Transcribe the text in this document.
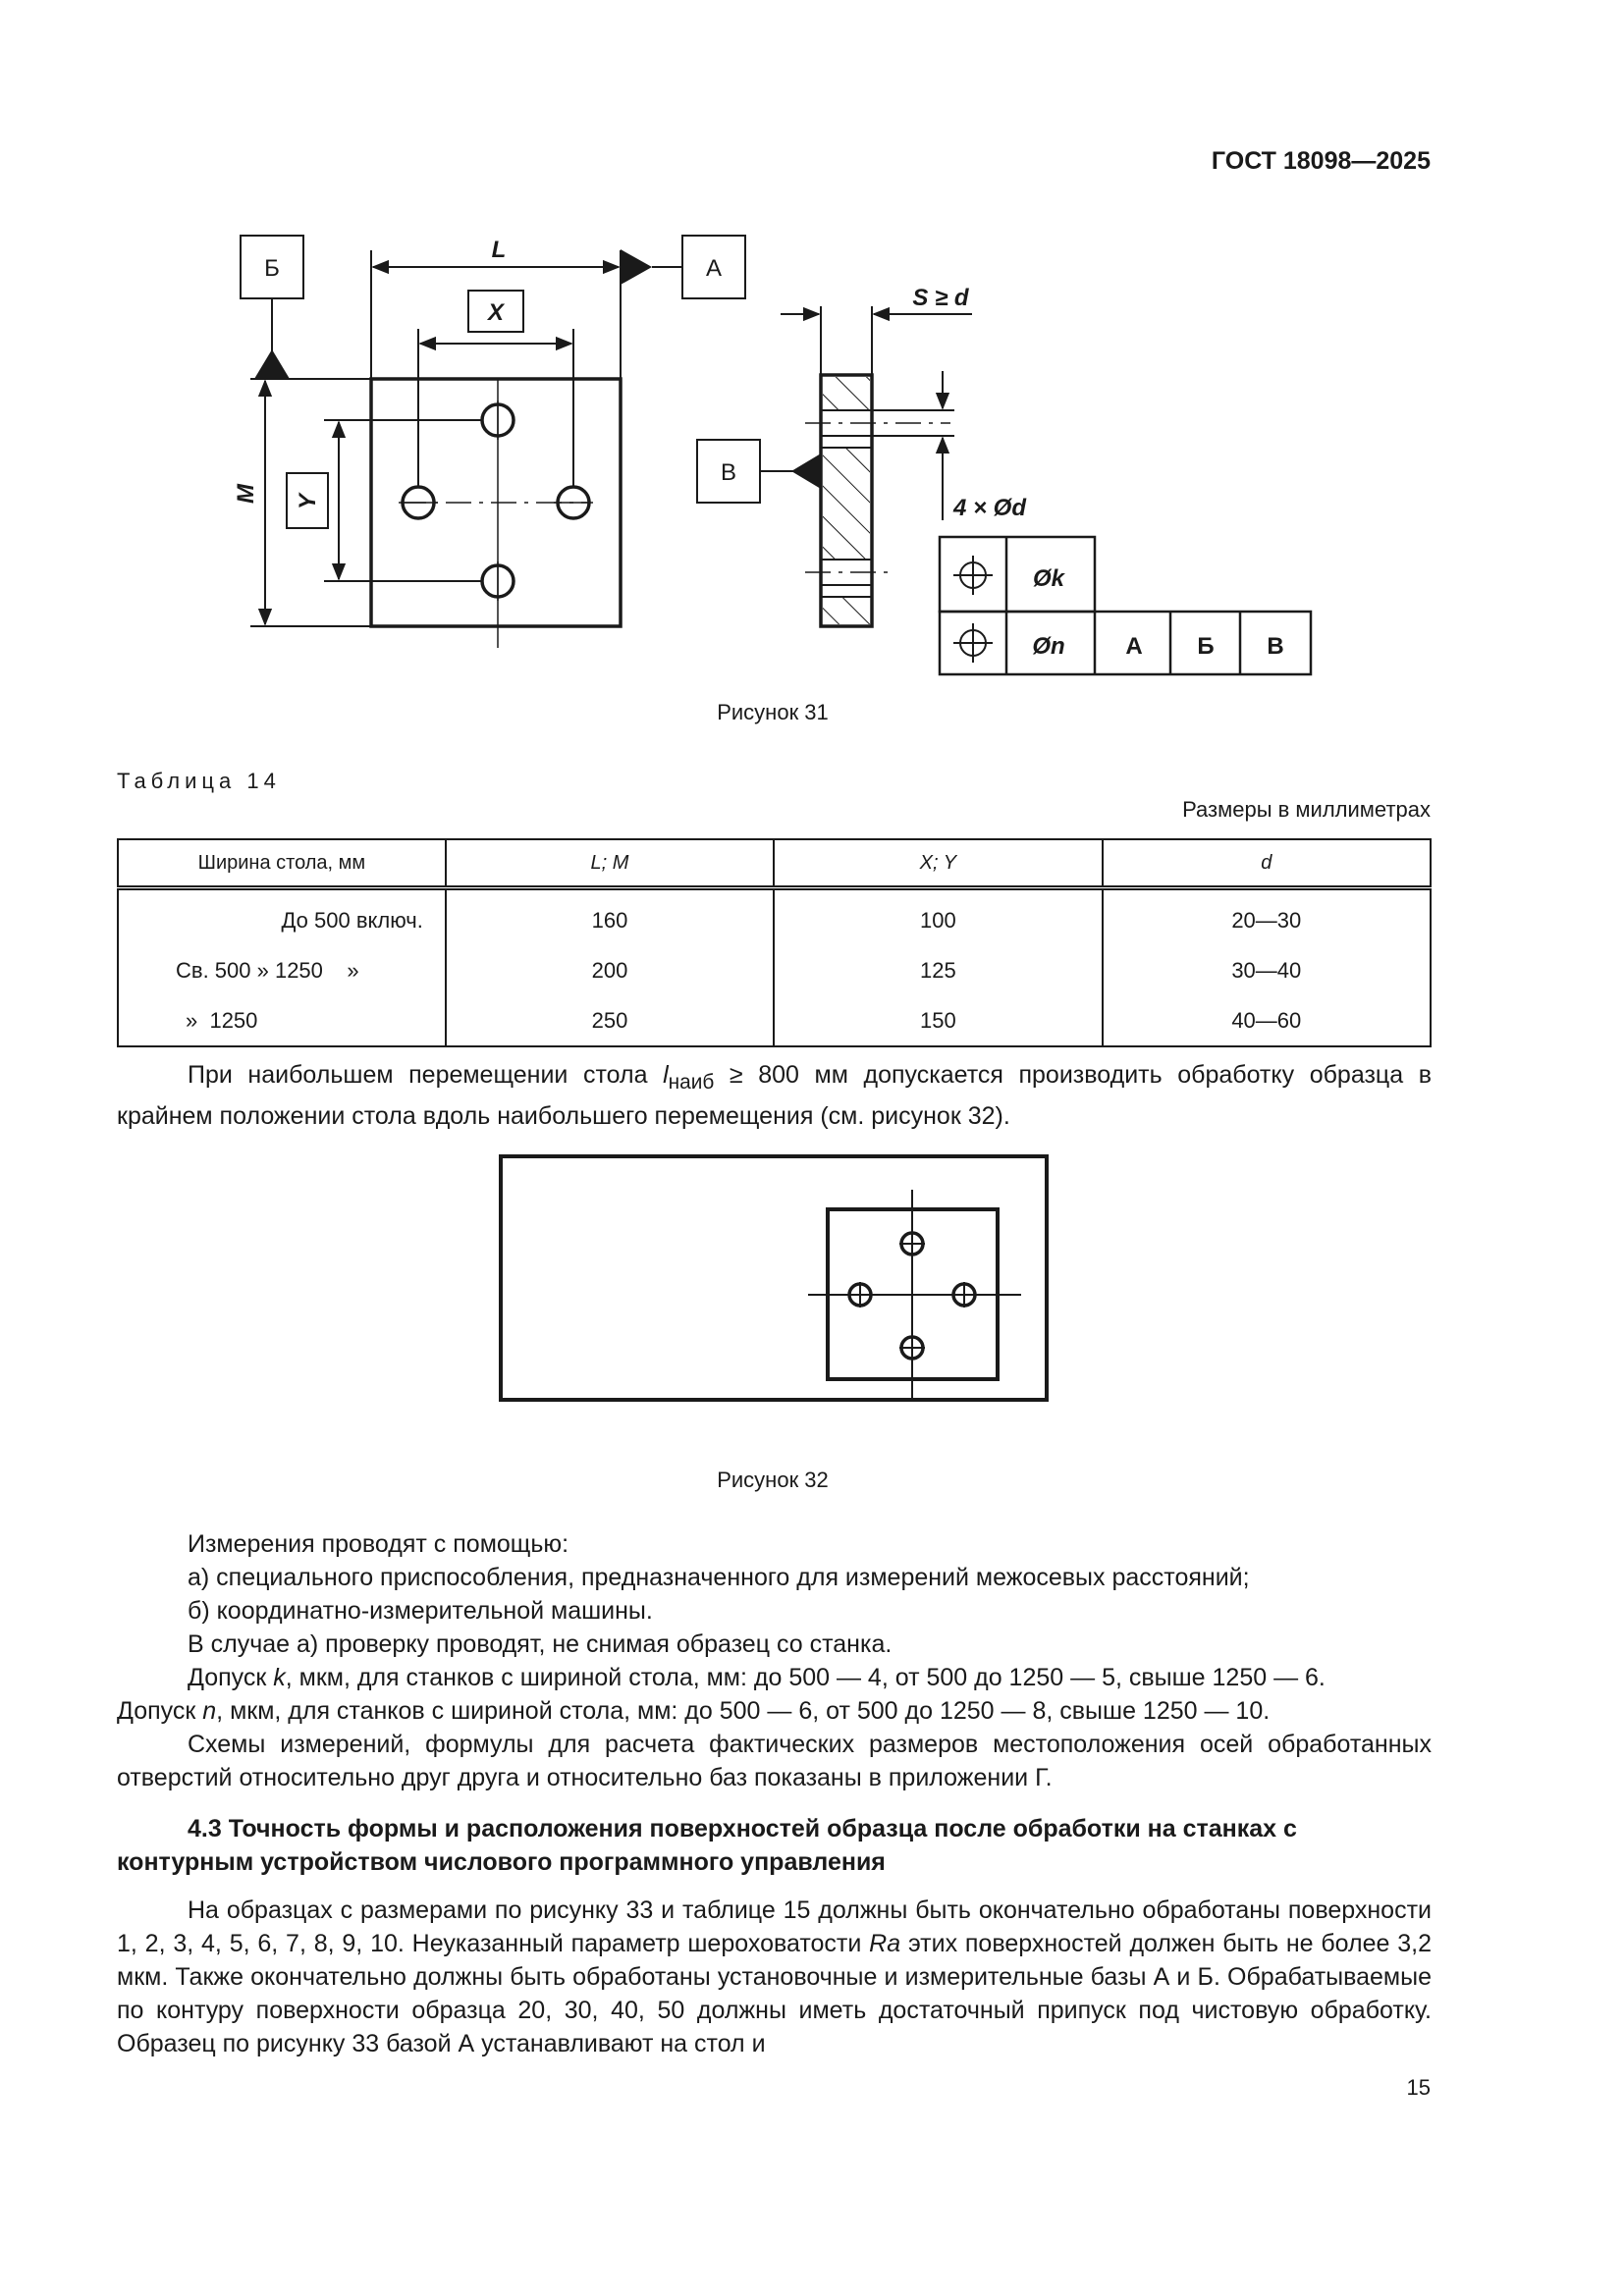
ГОСТ 18098—2025
Б	А
В
L
X
M Y
S ≥ d
4 × Ød
Øk
Øn	А Б В
Рисунок 31
Таблица 14
Размеры в миллиметрах
Ширина стола, мм	L; M	X; Y	d
До 500 включ.	160	100	20—30
Св. 500 » 1250    »	200	125	30—40
»  1250	250	150	40—60

При наибольшем перемещении стола $l_{наиб} \ge 800$ мм допускается производить обработку образца в крайнем положении стола вдоль наибольшего перемещения (см. рисунок 32).

Рисунок 32

Измерения проводят с помощью:

а) специального приспособления, предназначенного для измерений межосевых расстояний;

б) координатно-измерительной машины.

В случае а) проверку проводят, не снимая образец со станка.

Допуск k, мкм, для станков с шириной стола, мм: до 500 — 4, от 500 до 1250 — 5, свыше 1250 — 6.

Допуск n, мкм, для станков с шириной стола, мм: до 500 — 6, от 500 до 1250 — 8, свыше 1250 — 10.

Схемы измерений, формулы для расчета фактических размеров местоположения осей обработанных отверстий относительно друг друга и относительно баз показаны в приложении Г.

4.3 Точность формы и расположения поверхностей образца после обработки на станках с контурным устройством числового программного управления

На образцах с размерами по рисунку 33 и таблице 15 должны быть окончательно обработаны поверхности 1, 2, 3, 4, 5, 6, 7, 8, 9, 10. Неуказанный параметр шероховатости Ra этих поверхностей должен быть не более 3,2 мкм. Также окончательно должны быть обработаны установочные и измерительные базы А и Б. Обрабатываемые по контуру поверхности образца 20, 30, 40, 50 должны иметь достаточный припуск под чистовую обработку. Образец по рисунку 33 базой А устанавливают на стол и

15
